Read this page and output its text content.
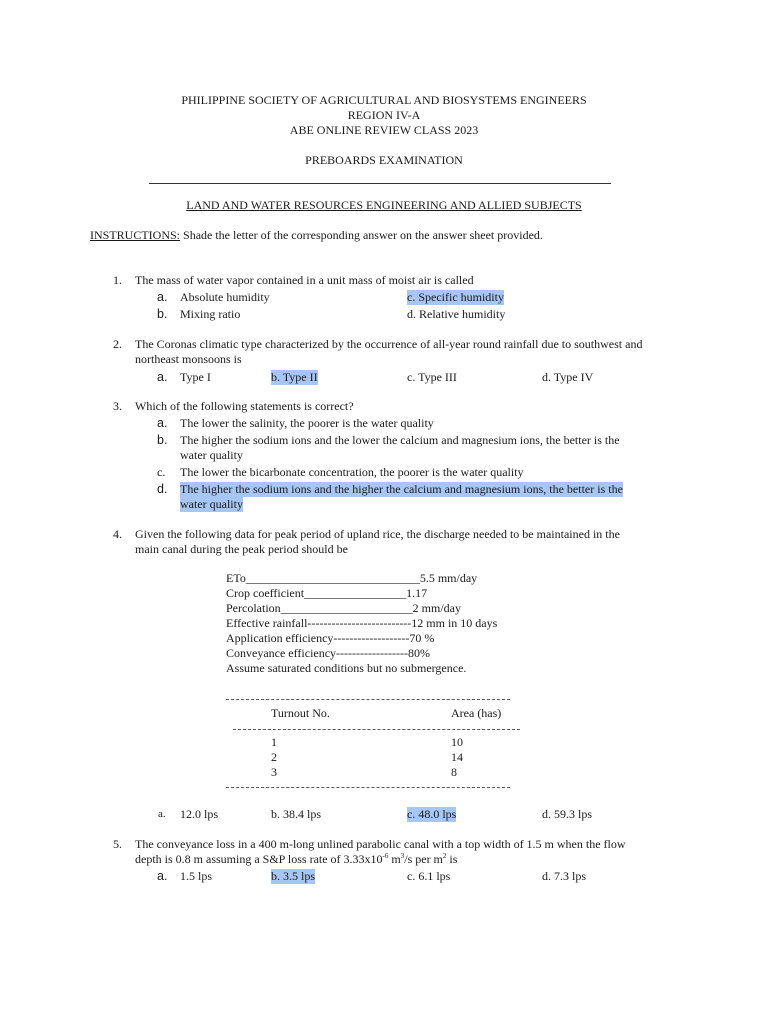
PHILIPPINE SOCIETY OF AGRICULTURAL AND BIOSYSTEMS ENGINEERS
REGION IV-A
ABE ONLINE REVIEW CLASS 2023
PREBOARDS EXAMINATION
LAND AND WATER RESOURCES ENGINEERING AND ALLIED SUBJECTS
INSTRUCTIONS: Shade the letter of the corresponding answer on the answer sheet provided.
1. The mass of water vapor contained in a unit mass of moist air is called
a. Absolute humidity	c. Specific humidity
b. Mixing ratio	d. Relative humidity
2. The Coronas climatic type characterized by the occurrence of all-year round rainfall due to southwest and
northeast monsoons is
a. Type I	b. Type II	c. Type III	d. Type IV
3. Which of the following statements is correct?
a. The lower the salinity, the poorer is the water quality
b. The higher the sodium ions and the lower the calcium and magnesium ions, the better is the
water quality
c. The lower the bicarbonate concentration, the poorer is the water quality
d. The higher the sodium ions and the higher the calcium and magnesium ions, the better is the
water quality
4. Given the following data for peak period of upland rice, the discharge needed to be maintained in the
main canal during the peak period should be
ETo_____________________________5.5 mm/day
Crop coefficient_________________1.17
Percolation______________________2 mm/day
Effective rainfall--------------------------12 mm in 10 days
Application efficiency-------------------70 %
Conveyance efficiency------------------80%
Assume saturated conditions but no submergence.
Turnout No.	Area (has)
1	10
2	14
3	8
a. 12.0 lps	b. 38.4 lps	c. 48.0 lps	d. 59.3 lps
5. The conveyance loss in a 400 m-long unlined parabolic canal with a top width of 1.5 m when the flow
depth is 0.8 m assuming a S&P loss rate of $3.33x10^{-6}$ $m^3/s$ per $m^2$ is
a. 1.5 lps	b. 3.5 lps	c. 6.1 lps	d. 7.3 lps
